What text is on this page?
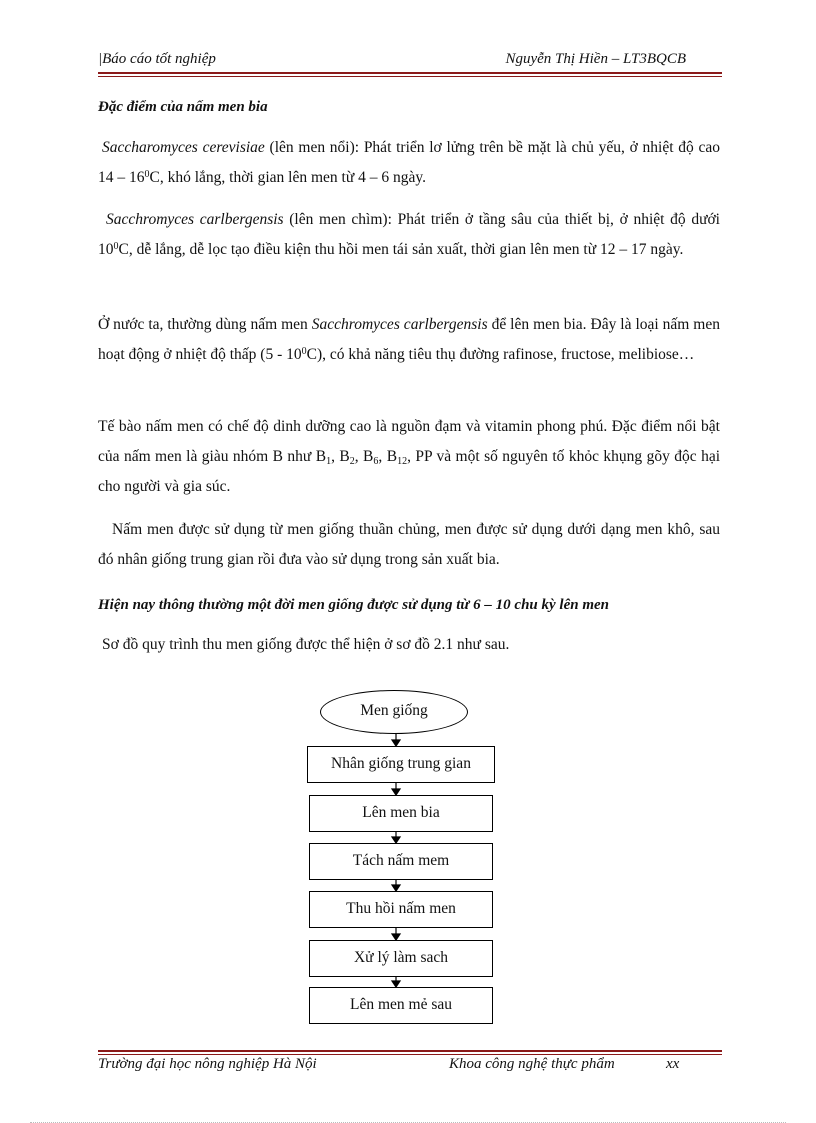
|Báo cáo tốt nghiệp	Nguyễn Thị Hiền – LT3BQCB
Đặc điểm của nấm men bia
Saccharomyces cerevisiae (lên men nổi): Phát triển lơ lửng trên bề mặt là chủ yếu, ở nhiệt độ cao $14 - 16^0C$, khó lắng, thời gian lên men từ 4 – 6 ngày.
Sacchromyces carlbergensis (lên men chìm): Phát triển ở tầng sâu của thiết bị, ở nhiệt độ dưới $10^0C$, dễ lắng, dễ lọc tạo điều kiện thu hồi men tái sản xuất, thời gian lên men từ 12 – 17 ngày.
Ở nước ta, thường dùng nấm men Sacchromyces carlbergensis để lên men bia. Đây là loại nấm men hoạt động ở nhiệt độ thấp $(5 - 10^0C)$, có khả năng tiêu thụ đường rafinose, fructose, melibiose…
Tế bào nấm men có chế độ dinh dưỡng cao là nguồn đạm và vitamin phong phú. Đặc điểm nổi bật của nấm men là giàu nhóm B như $B_1$, $B_2$, $B_6$, $B_{12}$, PP và một số nguyên tố khỏc khụng gõy độc hại cho người và gia súc.
Nấm men được sử dụng từ men giống thuần chủng, men được sử dụng dưới dạng men khô, sau đó nhân giống trung gian rồi đưa vào sử dụng trong sản xuất bia.
Hiện nay thông thường một đời men giống được sử dụng từ 6 – 10 chu kỳ lên men
Sơ đồ quy trình thu men giống được thể hiện ở sơ đồ 2.1 như sau.
Men giống
Nhân giống trung gian
Lên men bia
Tách nấm mem
Thu hồi nấm men
Xử lý làm sach
Lên men mẻ sau
Trường đại học nông nghiệp Hà Nội	Khoa công nghệ thực phẩm	xx
